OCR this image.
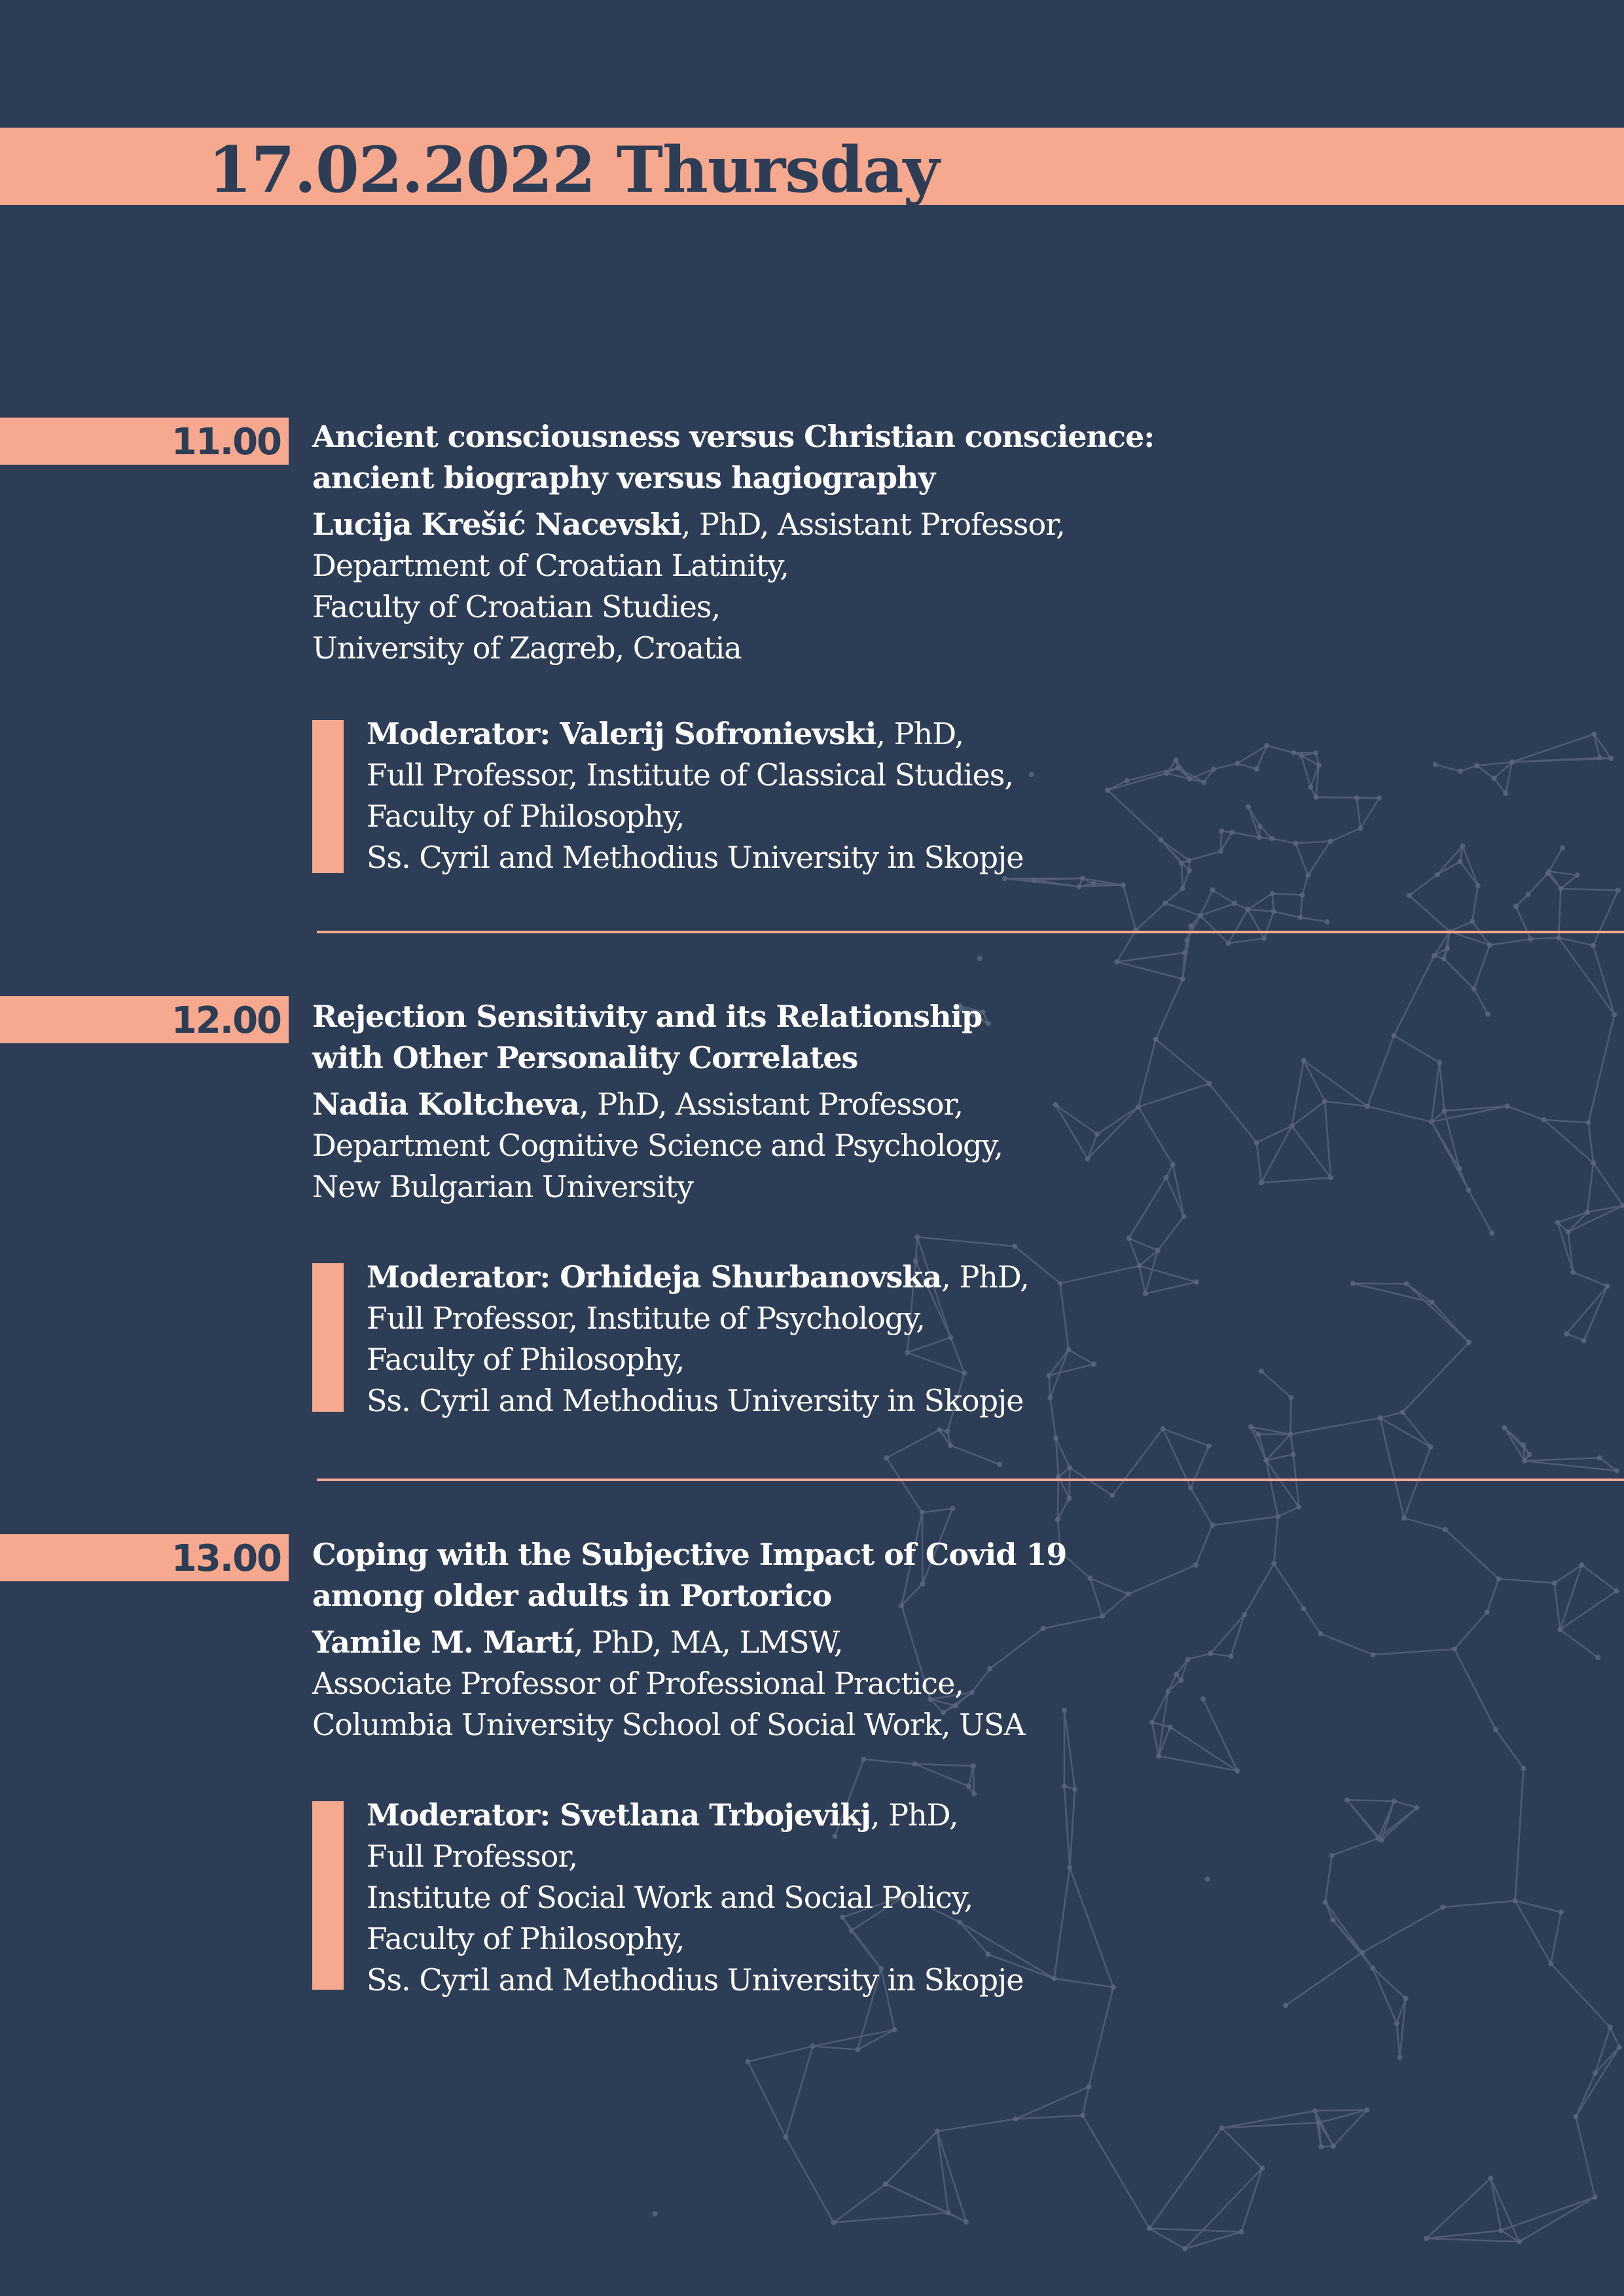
17.02.2022 Thursday
11.00 Ancient consciousness versus Christian conscience:
ancient biography versus hagiography

Lucija Krešić Nacevski, PhD, Assistant Professor,
Department of Croatian Latinity,
Faculty of Croatian Studies,
University of Zagreb, Croatia

Moderator: Valerij Sofronievski, PhD,
Full Professor, Institute of Classical Studies,
Faculty of Philosophy,
Ss. Cyril and Methodius University in Skopje
12.00 Rejection Sensitivity and its Relationship
with Other Personality Correlates

Nadia Koltcheva, PhD, Assistant Professor,
Department Cognitive Science and Psychology,
New Bulgarian University

Moderator: Orhideja Shurbanovska, PhD,
Full Professor, Institute of Psychology,
Faculty of Philosophy,
Ss. Cyril and Methodius University in Skopje
13.00 Coping with the Subjective Impact of Covid 19
among older adults in Portorico

Yamile M. Martí, PhD, MA, LMSW,
Associate Professor of Professional Practice,
Columbia University School of Social Work, USA

Moderator: Svetlana Trbojevikj, PhD,
Full Professor,
Institute of Social Work and Social Policy,
Faculty of Philosophy,
Ss. Cyril and Methodius University in Skopje
